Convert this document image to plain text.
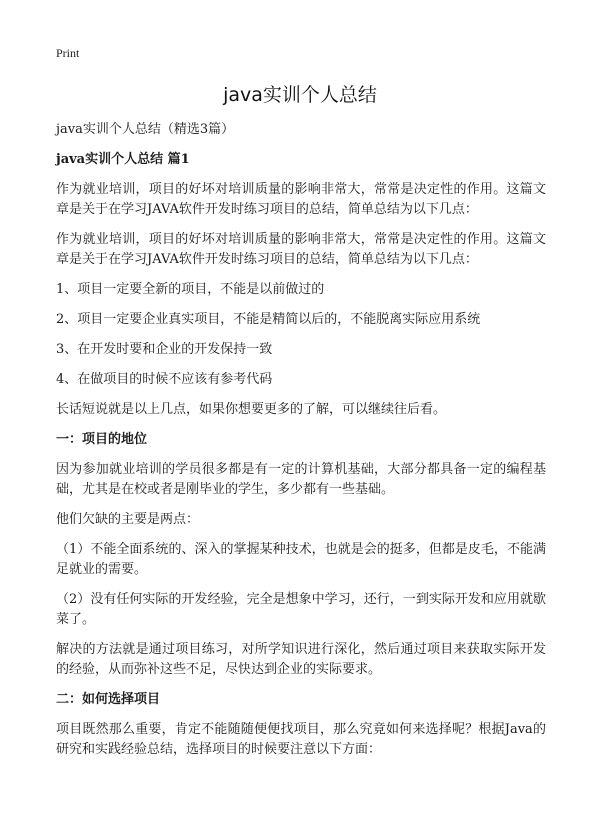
Print
java实训个人总结
java实训个人总结（精选3篇）
java实训个人总结 篇1
作为就业培训，项目的好坏对培训质量的影响非常大，常常是决定性的作用。这篇文章是关于在学习JAVA软件开发时练习项目的总结，简单总结为以下几点：
作为就业培训，项目的好坏对培训质量的影响非常大，常常是决定性的作用。这篇文章是关于在学习JAVA软件开发时练习项目的总结，简单总结为以下几点：
1、项目一定要全新的项目，不能是以前做过的
2、项目一定要企业真实项目，不能是精简以后的，不能脱离实际应用系统
3、在开发时要和企业的开发保持一致
4、在做项目的时候不应该有参考代码
长话短说就是以上几点，如果你想要更多的了解，可以继续往后看。
一：项目的地位
因为参加就业培训的学员很多都是有一定的计算机基础，大部分都具备一定的编程基础，尤其是在校或者是刚毕业的学生，多少都有一些基础。
他们欠缺的主要是两点：
（1）不能全面系统的、深入的掌握某种技术，也就是会的挺多，但都是皮毛，不能满足就业的需要。
（2）没有任何实际的开发经验，完全是想象中学习，还行，一到实际开发和应用就歇菜了。
解决的方法就是通过项目练习，对所学知识进行深化，然后通过项目来获取实际开发的经验，从而弥补这些不足，尽快达到企业的实际要求。
二：如何选择项目
项目既然那么重要，肯定不能随随便便找项目，那么究竟如何来选择呢？根据Java的研究和实践经验总结，选择项目的时候要注意以下方面：
